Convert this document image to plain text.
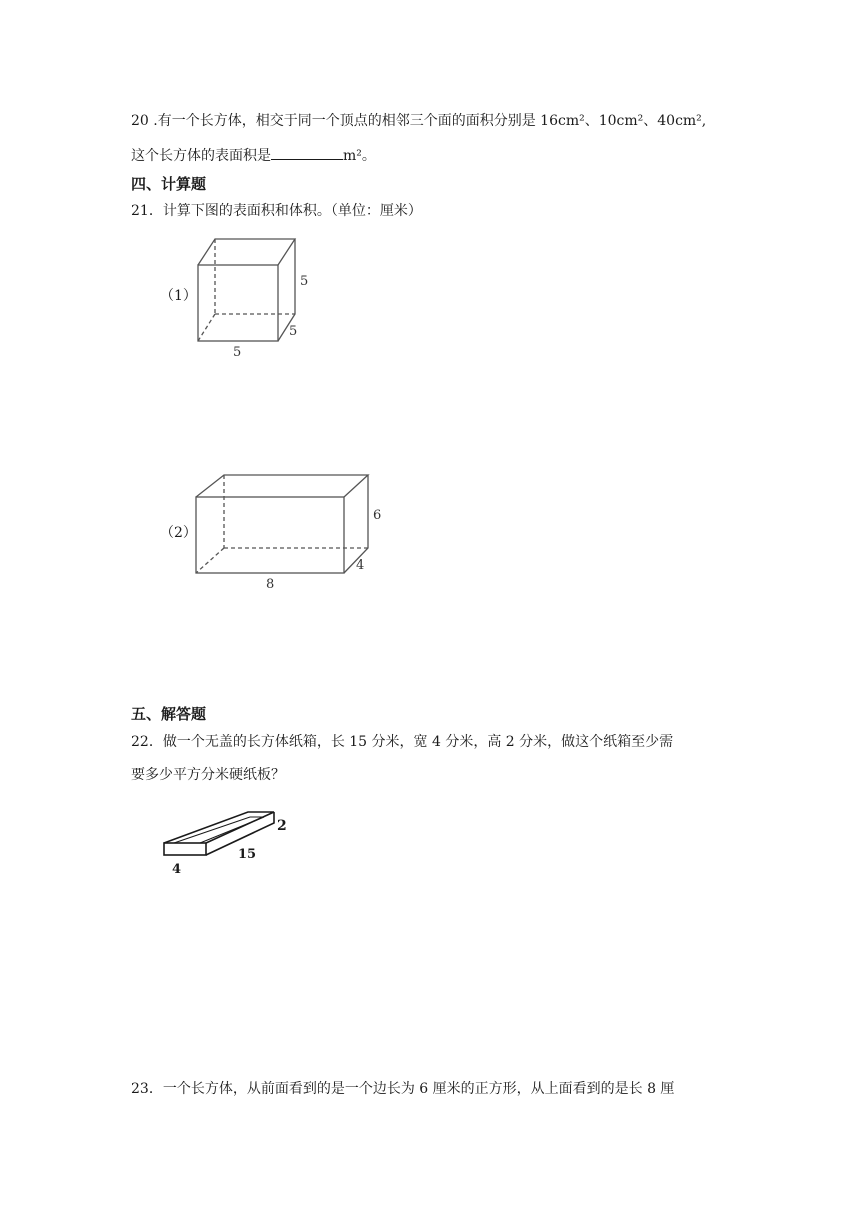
20 .有一个长方体，相交于同一个顶点的相邻三个面的面积分别是 16cm²、10cm²、40cm²,
这个长方体的表面积是	m²。
四、计算题
21．计算下图的表面积和体积。（单位：厘米）
（1）
5
5
5
（2）
6
4
8
五、解答题
22．做一个无盖的长方体纸箱，长 15 分米，宽 4 分米，高 2 分米，做这个纸箱至少需
要多少平方分米硬纸板？
2
15
4
23．一个长方体，从前面看到的是一个边长为 6 厘米的正方形，从上面看到的是长 8 厘
